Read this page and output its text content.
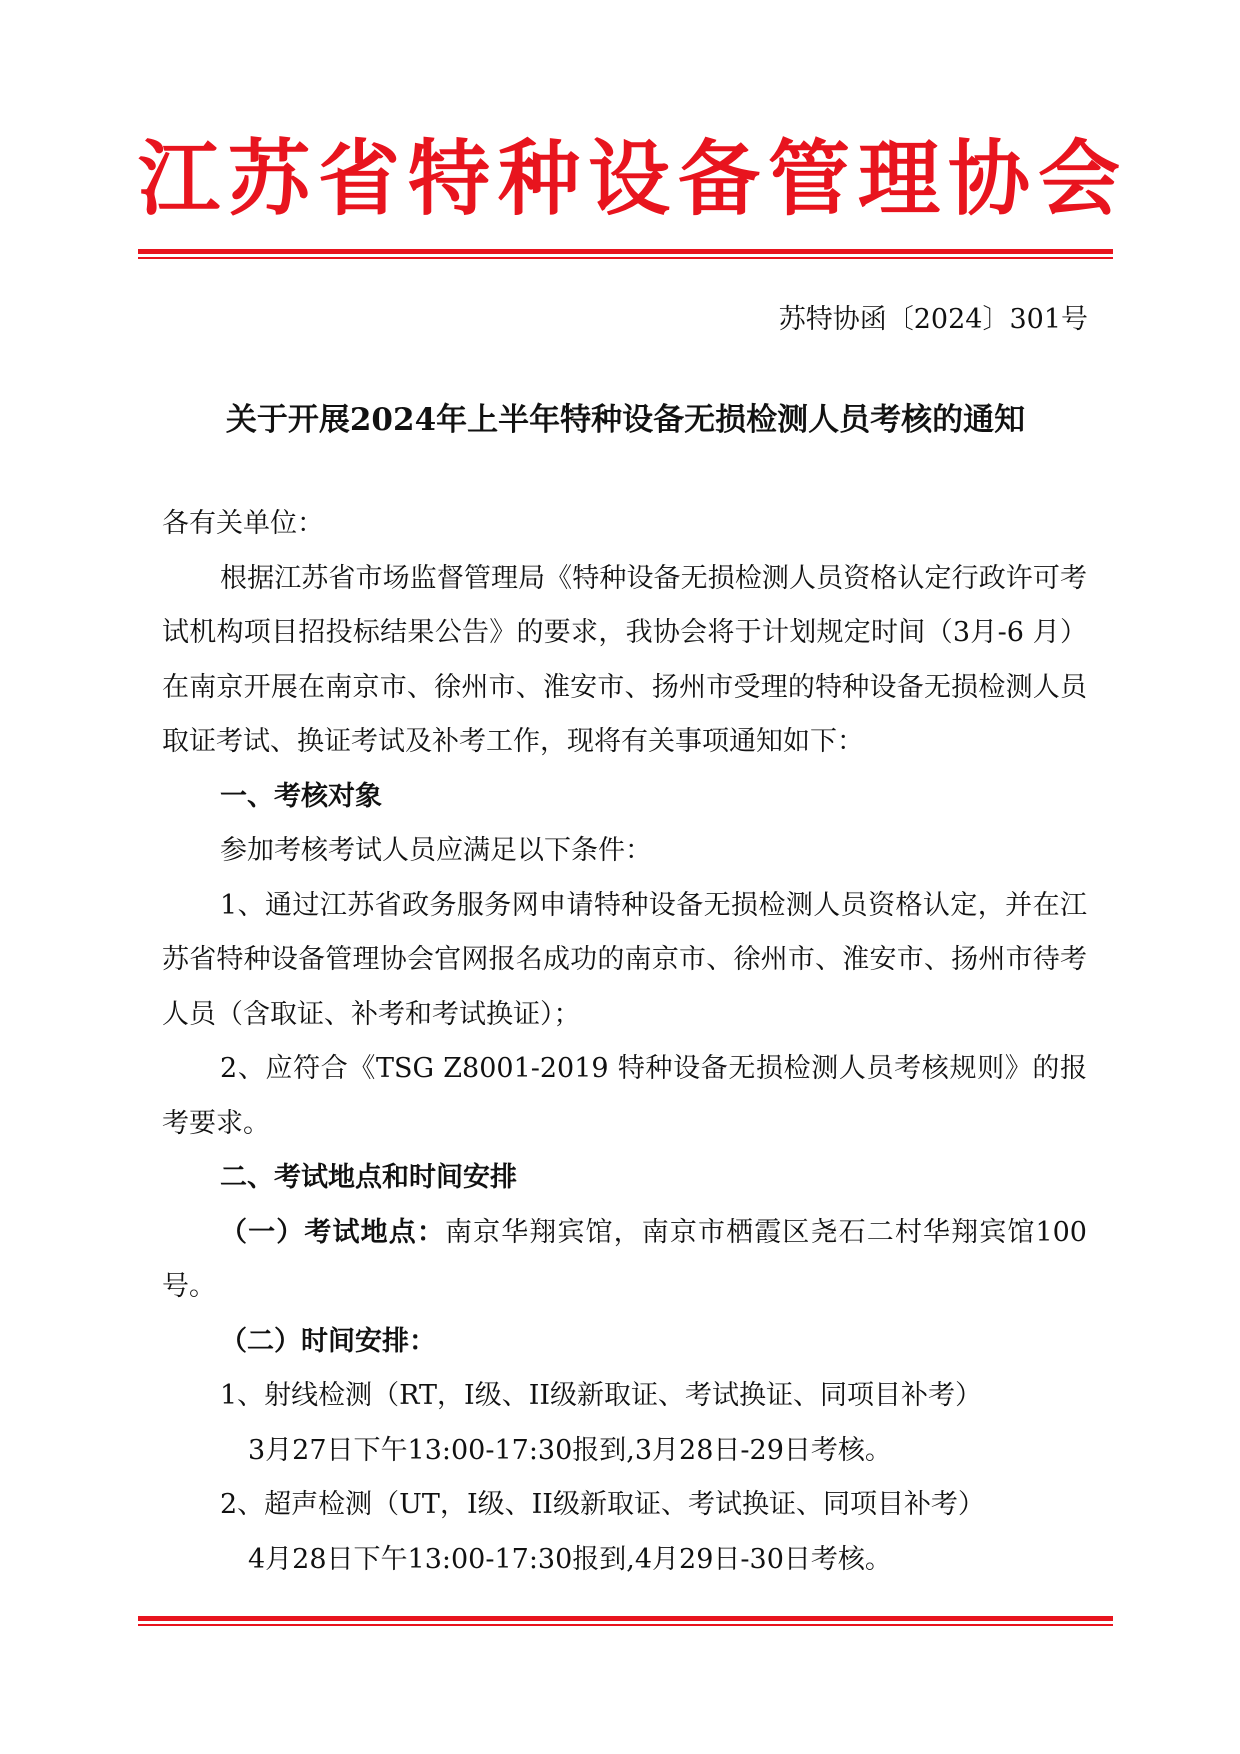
江苏省特种设备管理协会
苏特协函〔2024〕301号
关于开展2024年上半年特种设备无损检测人员考核的通知

各有关单位：

根据江苏省市场监督管理局《特种设备无损检测人员资格认定行政许可考试机构项目招投标结果公告》的要求，我协会将于计划规定时间（3月-6 月）在南京开展在南京市、徐州市、淮安市、扬州市受理的特种设备无损检测人员取证考试、换证考试及补考工作，现将有关事项通知如下：

一、考核对象

参加考核考试人员应满足以下条件：

1、通过江苏省政务服务网申请特种设备无损检测人员资格认定，并在江苏省特种设备管理协会官网报名成功的南京市、徐州市、淮安市、扬州市待考人员（含取证、补考和考试换证）；

2、应符合《TSG Z8001-2019 特种设备无损检测人员考核规则》的报考要求。

二、考试地点和时间安排

（一）考试地点：南京华翔宾馆，南京市栖霞区尧石二村华翔宾馆100号。

（二）时间安排：

1、射线检测（RT，I级、II级新取证、考试换证、同项目补考）

3月27日下午13:00-17:30报到,3月28日-29日考核。

2、超声检测（UT，I级、II级新取证、考试换证、同项目补考）

4月28日下午13:00-17:30报到,4月29日-30日考核。
